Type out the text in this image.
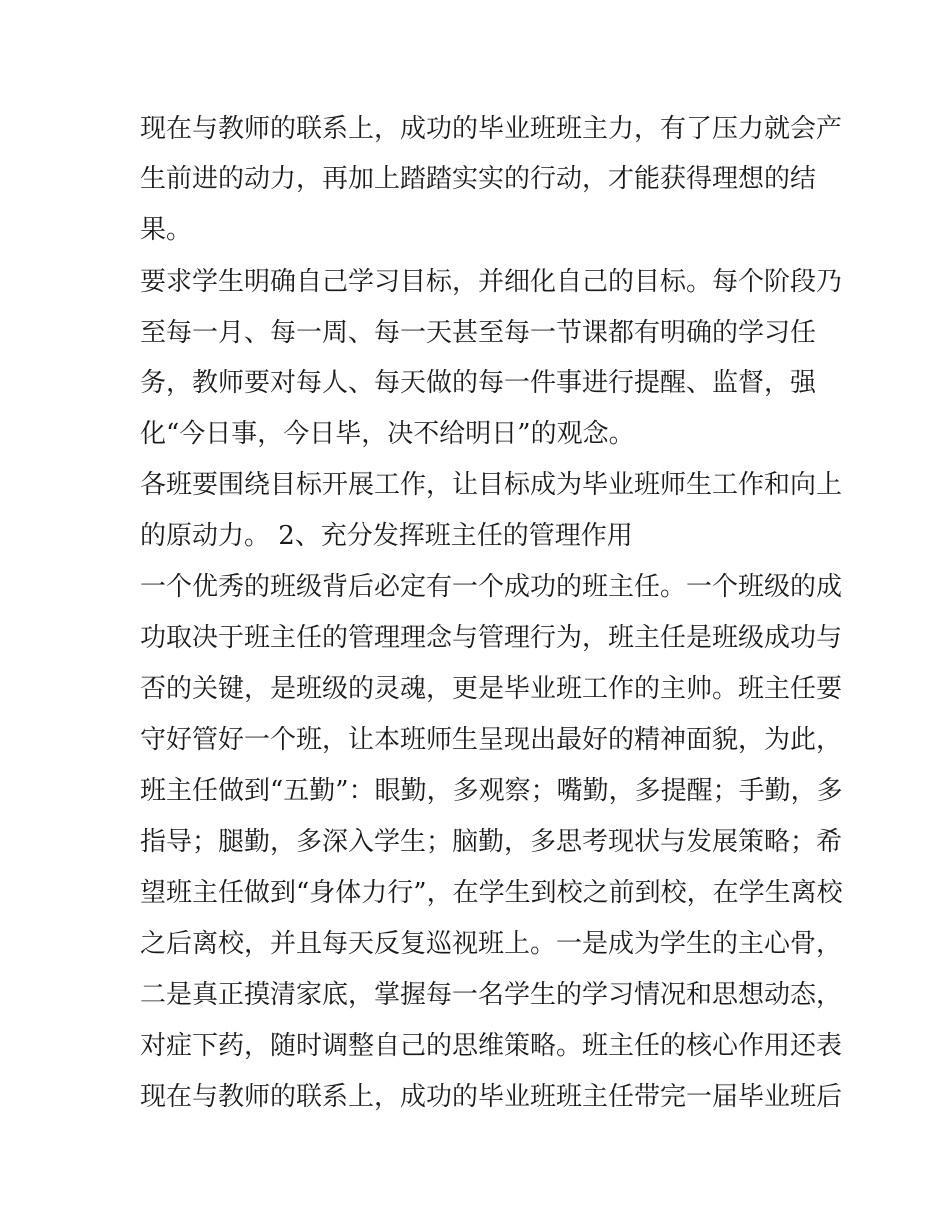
现在与教师的联系上，成功的毕业班班主力，有了压力就会产
生前进的动力，再加上踏踏实实的行动，才能获得理想的结
果。
要求学生明确自己学习目标，并细化自己的目标。每个阶段乃
至每一月、每一周、每一天甚至每一节课都有明确的学习任
务，教师要对每人、每天做的每一件事进行提醒、监督，强
化“今日事，今日毕，决不给明日”的观念。
各班要围绕目标开展工作，让目标成为毕业班师生工作和向上
的原动力。 2、充分发挥班主任的管理作用
一个优秀的班级背后必定有一个成功的班主任。一个班级的成
功取决于班主任的管理理念与管理行为，班主任是班级成功与
否的关键，是班级的灵魂，更是毕业班工作的主帅。班主任要
守好管好一个班，让本班师生呈现出最好的精神面貌，为此，
班主任做到“五勤”：眼勤，多观察；嘴勤，多提醒；手勤，多
指导；腿勤，多深入学生；脑勤，多思考现状与发展策略；希
望班主任做到“身体力行”，在学生到校之前到校，在学生离校
之后离校，并且每天反复巡视班上。一是成为学生的主心骨，
二是真正摸清家底，掌握每一名学生的学习情况和思想动态，
对症下药，随时调整自己的思维策略。班主任的核心作用还表
现在与教师的联系上，成功的毕业班班主任带完一届毕业班后
